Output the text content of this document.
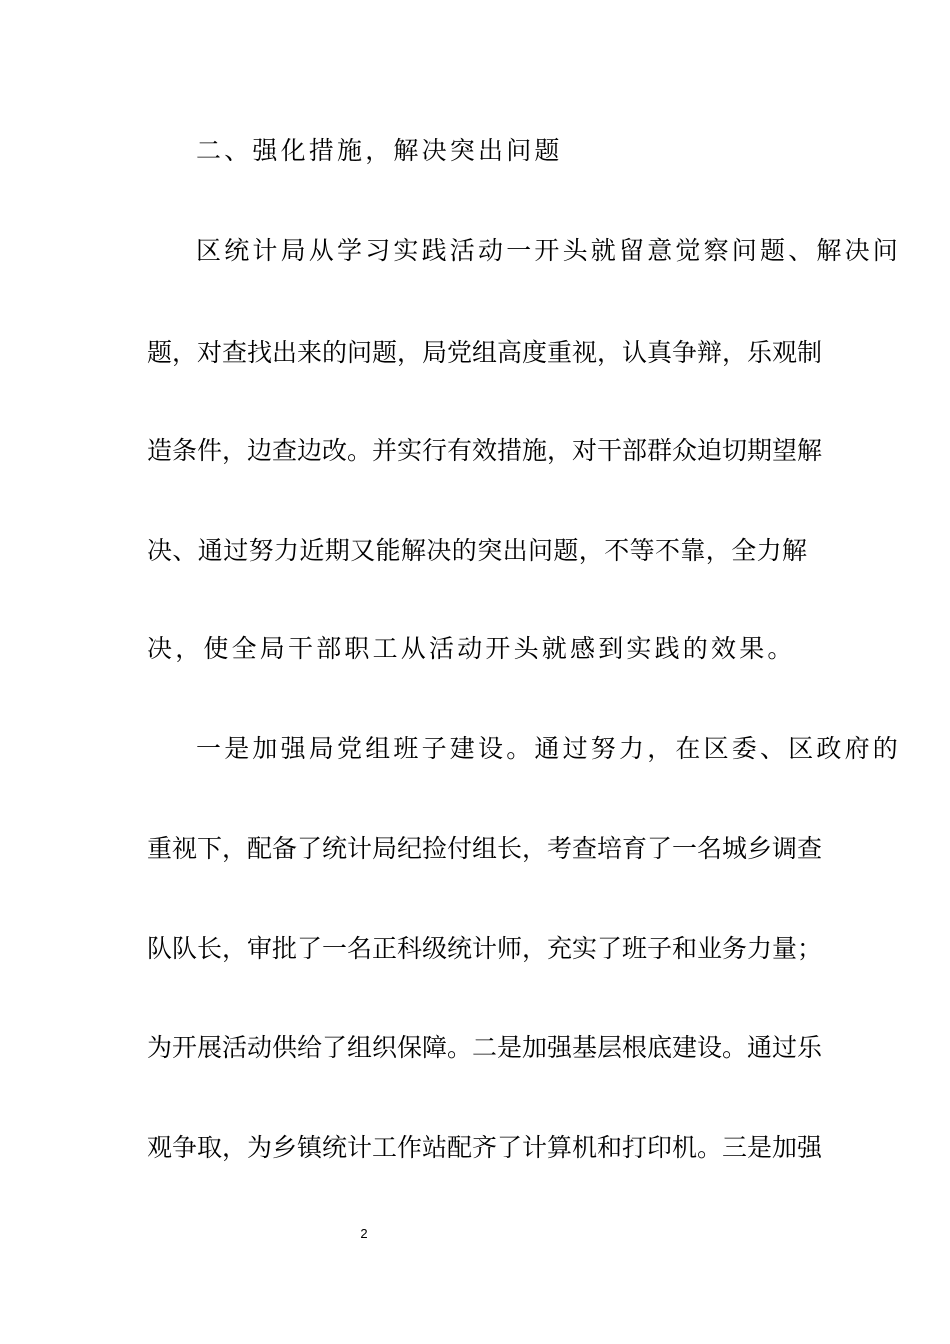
二、强化措施，解决突出问题
区统计局从学习实践活动一开头就留意觉察问题、解决问
题，对查找出来的问题，局党组高度重视，认真争辩，乐观制
造条件，边查边改。并实行有效措施，对干部群众迫切期望解
决、通过努力近期又能解决的突出问题，不等不靠，全力解
决，使全局干部职工从活动开头就感到实践的效果。
一是加强局党组班子建设。通过努力，在区委、区政府的
重视下，配备了统计局纪捡付组长，考查培育了一名城乡调查
队队长，审批了一名正科级统计师，充实了班子和业务力量；
为开展活动供给了组织保障。二是加强基层根底建设。通过乐
观争取，为乡镇统计工作站配齐了计算机和打印机。三是加强
2
